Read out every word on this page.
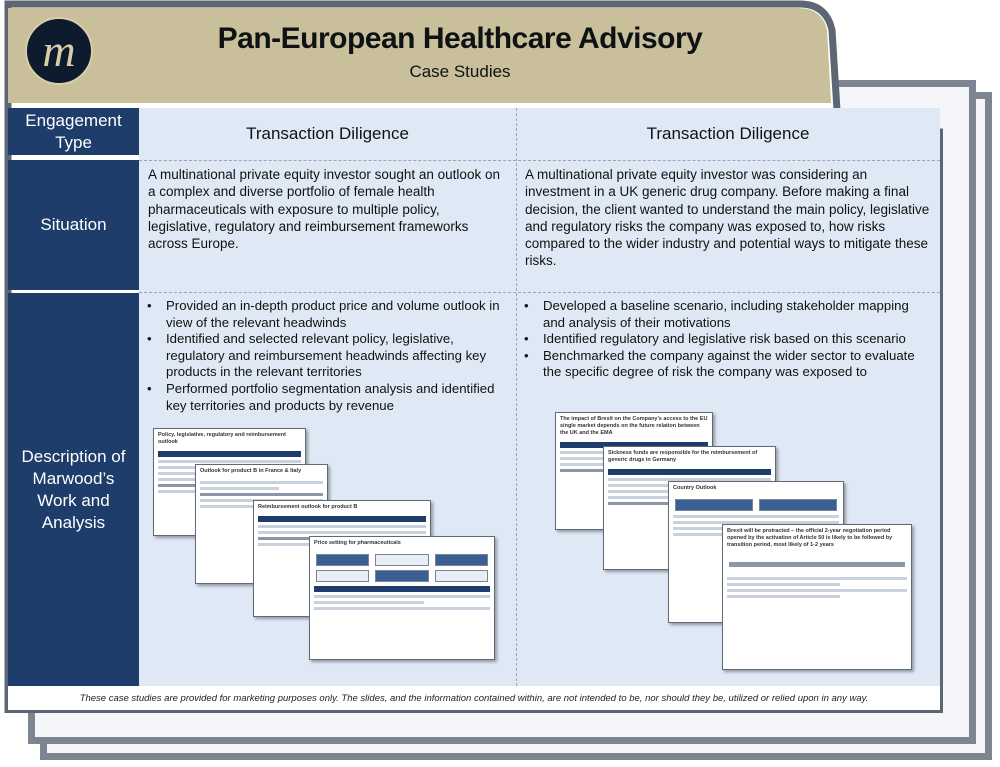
m	Pan-European Healthcare Advisory
Case Studies
Engagement Type
Situation
Description of Marwood’s Work and Analysis
Transaction Diligence	Transaction Diligence
A multinational private equity investor sought an outlook on a complex and diverse portfolio of female health pharmaceuticals with exposure to multiple policy, legislative, regulatory and reimbursement frameworks across Europe.
A multinational private equity investor was considering an investment in a UK generic drug company. Before making a final decision, the client wanted to understand the main policy, legislative and regulatory risks the company was exposed to, how risks compared to the wider industry and potential ways to mitigate these risks.
• Provided an in-depth product price and volume outlook in view of the relevant headwinds
• Identified and selected relevant policy, legislative, regulatory and reimbursement headwinds affecting key products in the relevant territories
• Performed portfolio segmentation analysis and identified key territories and products by revenue
• Developed a baseline scenario, including stakeholder mapping and analysis of their motivations
• Identified regulatory and legislative risk based on this scenario
• Benchmarked the company against the wider sector to evaluate the specific degree of risk the company was exposed to
Policy, legislative, regulatory and reimbursement outlook
Outlook for product B in France & Italy
Reimbursement outlook for product B
Price setting for pharmaceuticals
The impact of Brexit on the Company’s access to the EU single market depends on the future relation between the UK and the EMA
Sickness funds are responsible for the reimbursement of generic drugs in Germany
Country Outlook
Brexit will be protracted – the official 2-year negotiation period opened by the activation of Article 50 is likely to be followed by transition period, most likely of 1-2 years
These case studies are provided for marketing purposes only. The slides, and the information contained within, are not intended to be, nor should they be, utilized or relied upon in any way.
